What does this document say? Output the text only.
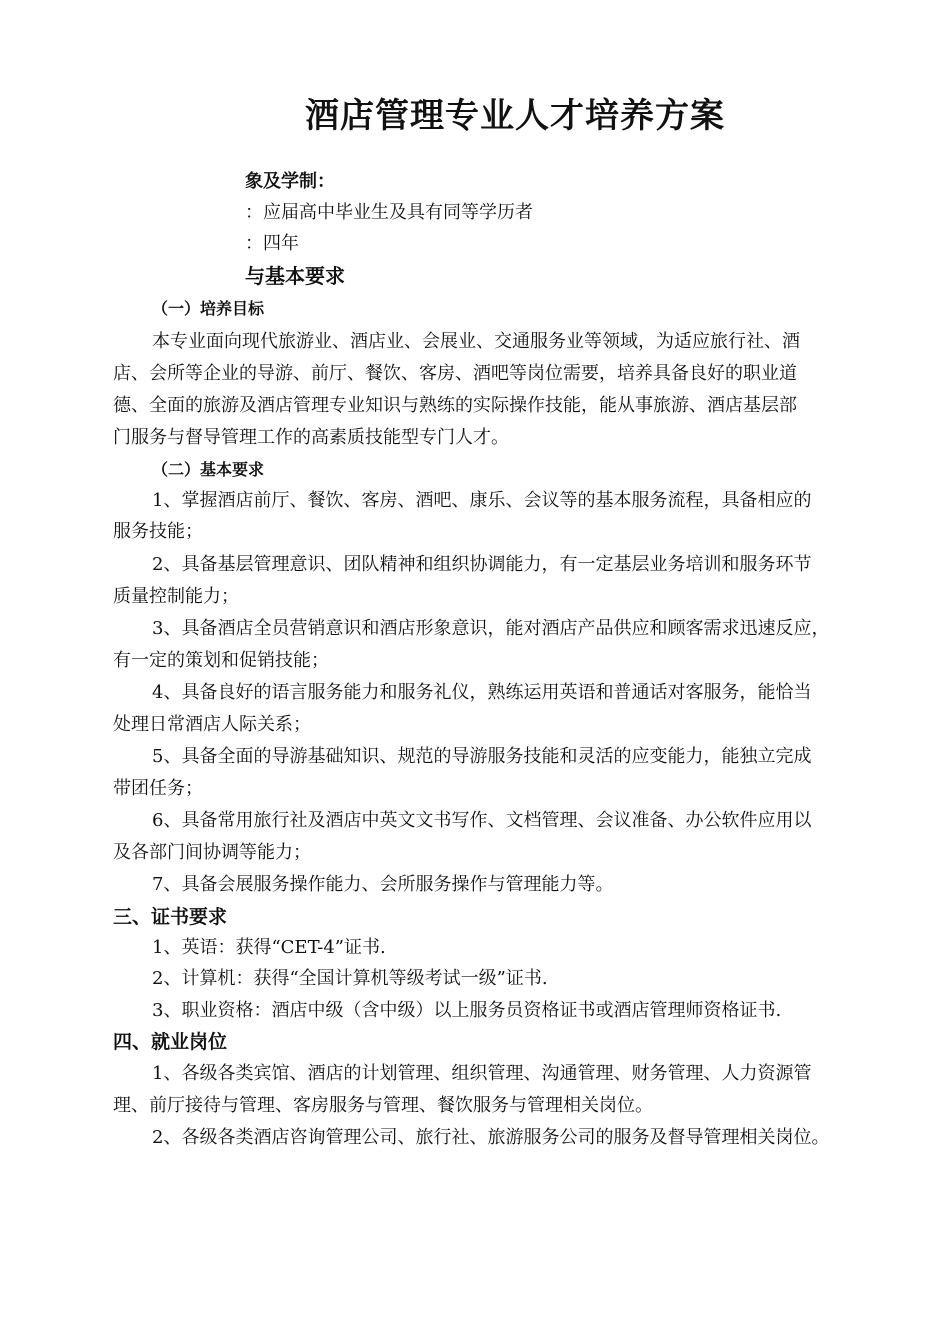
酒店管理专业人才培养方案
象及学制：
：应届高中毕业生及具有同等学历者
：四年
与基本要求
（一）培养目标
本专业面向现代旅游业、酒店业、会展业、交通服务业等领域，为适应旅行社、酒
店、会所等企业的导游、前厅、餐饮、客房、酒吧等岗位需要，培养具备良好的职业道
德、全面的旅游及酒店管理专业知识与熟练的实际操作技能，能从事旅游、酒店基层部
门服务与督导管理工作的高素质技能型专门人才。
（二）基本要求
1、掌握酒店前厅、餐饮、客房、酒吧、康乐、会议等的基本服务流程，具备相应的
服务技能；
2、具备基层管理意识、团队精神和组织协调能力，有一定基层业务培训和服务环节
质量控制能力；
3、具备酒店全员营销意识和酒店形象意识，能对酒店产品供应和顾客需求迅速反应，
有一定的策划和促销技能；
4、具备良好的语言服务能力和服务礼仪，熟练运用英语和普通话对客服务，能恰当
处理日常酒店人际关系；
5、具备全面的导游基础知识、规范的导游服务技能和灵活的应变能力，能独立完成
带团任务；
6、具备常用旅行社及酒店中英文文书写作、文档管理、会议准备、办公软件应用以
及各部门间协调等能力；
7、具备会展服务操作能力、会所服务操作与管理能力等。
三、证书要求
1、英语：获得“CET-4”证书.
2、计算机：获得“全国计算机等级考试一级”证书.
3、职业资格：酒店中级（含中级）以上服务员资格证书或酒店管理师资格证书.
四、就业岗位
1、各级各类宾馆、酒店的计划管理、组织管理、沟通管理、财务管理、人力资源管
理、前厅接待与管理、客房服务与管理、餐饮服务与管理相关岗位。
2、各级各类酒店咨询管理公司、旅行社、旅游服务公司的服务及督导管理相关岗位。
